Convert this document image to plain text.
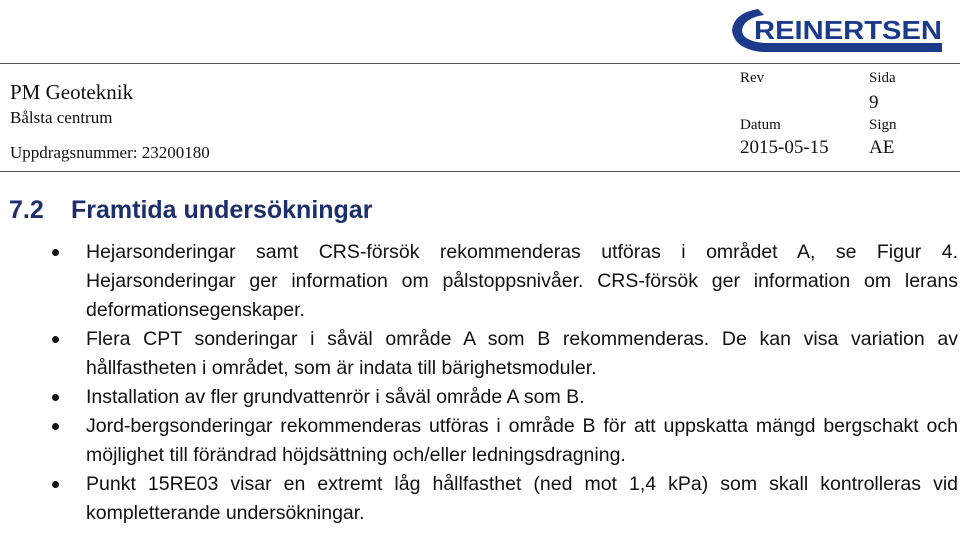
REINERTSEN
PM Geoteknik
Bålsta centrum
Uppdragsnummer: 23200180
Rev	Sida
9
Datum	Sign
2015-05-15 AE
7.2 Framtida undersökningar
Hejarsonderingar samt CRS-försök rekommenderas utföras i området A, se Figur 4. Hejarsonderingar ger information om pålstoppsnivåer. CRS-försök ger information om lerans deformationsegenskaper.
Flera CPT sonderingar i såväl område A som B rekommenderas. De kan visa variation av hållfastheten i området, som är indata till bärighetsmoduler.
Installation av fler grundvattenrör i såväl område A som B.
Jord-bergsonderingar rekommenderas utföras i område B för att uppskatta mängd bergschakt och möjlighet till förändrad höjdsättning och/eller ledningsdragning.
Punkt 15RE03 visar en extremt låg hållfasthet (ned mot 1,4 kPa) som skall kontrolleras vid kompletterande undersökningar.
